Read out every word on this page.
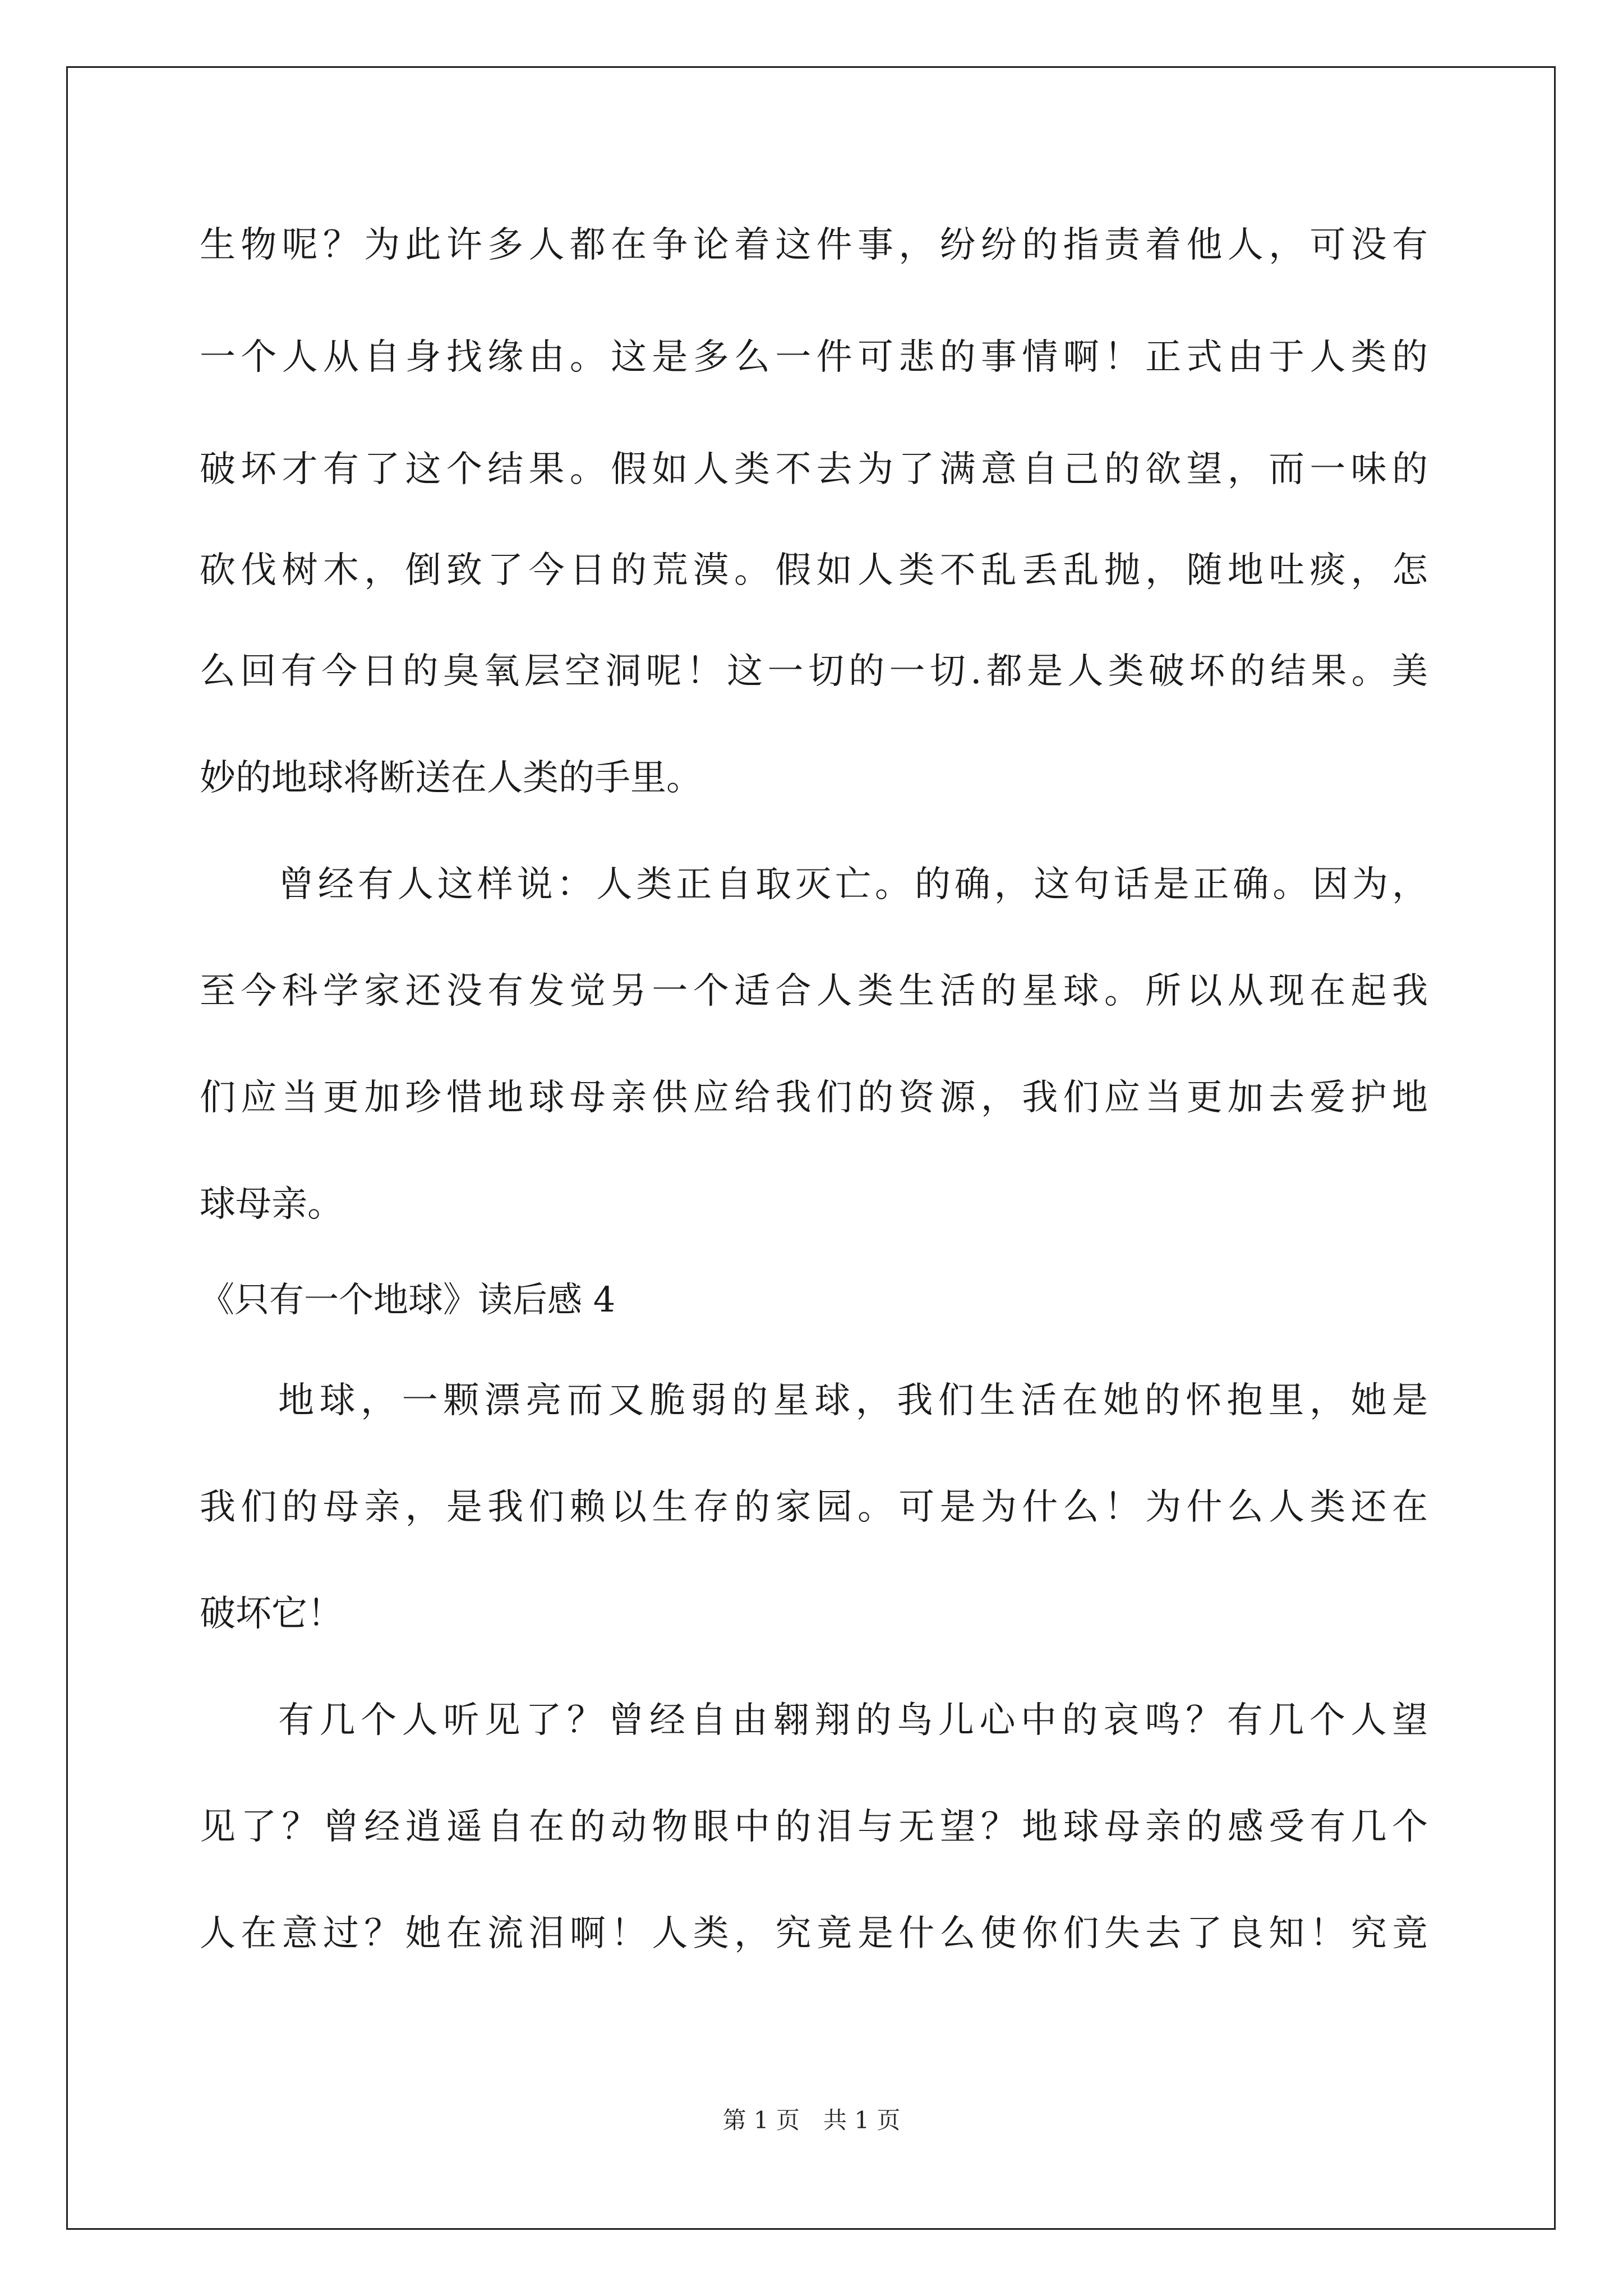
生物呢？为此许多人都在争论着这件事，纷纷的指责着他人，可没有
一个人从自身找缘由。这是多么一件可悲的事情啊！正式由于人类的
破坏才有了这个结果。假如人类不去为了满意自己的欲望，而一味的
砍伐树木，倒致了今日的荒漠。假如人类不乱丢乱抛，随地吐痰，怎
么回有今日的臭氧层空洞呢！这一切的一切.都是人类破坏的结果。美
妙的地球将断送在人类的手里。
曾经有人这样说：人类正自取灭亡。的确，这句话是正确。因为，
至今科学家还没有发觉另一个适合人类生活的星球。所以从现在起我
们应当更加珍惜地球母亲供应给我们的资源，我们应当更加去爱护地
球母亲。
《只有一个地球》读后感 4
地球，一颗漂亮而又脆弱的星球，我们生活在她的怀抱里，她是
我们的母亲，是我们赖以生存的家园。可是为什么！为什么人类还在
破坏它！
有几个人听见了？曾经自由翱翔的鸟儿心中的哀鸣？有几个人望
见了？曾经逍遥自在的动物眼中的泪与无望？地球母亲的感受有几个
人在意过？她在流泪啊！人类，究竟是什么使你们失去了良知！究竟
第 1 页　共 1 页
